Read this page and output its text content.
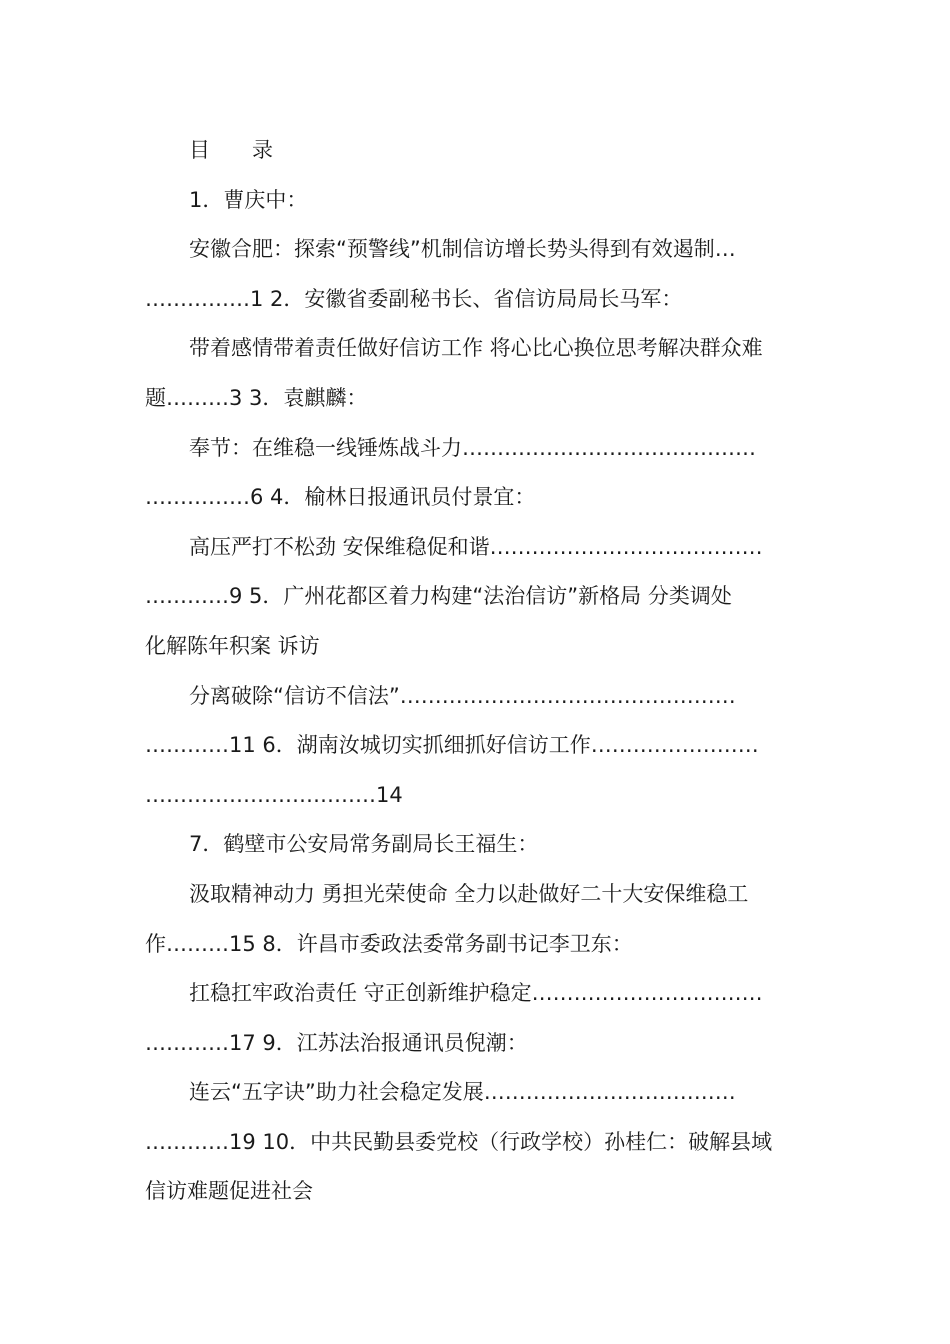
目 录
1．曹庆中：
安徽合肥：探索“预警线”机制信访增长势头得到有效遏制…
……………1 2．安徽省委副秘书长、省信访局局长马军：
带着感情带着责任做好信访工作 将心比心换位思考解决群众难
题………3 3．袁麒麟：
奉节：在维稳一线锤炼战斗力……………………………………
……………6 4．榆林日报通讯员付景宜：
高压严打不松劲 安保维稳促和谐…………………………………
…………9 5．广州花都区着力构建“法治信访”新格局 分类调处
化解陈年积案 诉访
分离破除“信访不信法”…………………………………………
…………11 6．湖南汝城切实抓细抓好信访工作……………………
……………………………14
7．鹤壁市公安局常务副局长王福生：
汲取精神动力 勇担光荣使命 全力以赴做好二十大安保维稳工
作………15 8．许昌市委政法委常务副书记李卫东：
扛稳扛牢政治责任 守正创新维护稳定……………………………
…………17 9．江苏法治报通讯员倪潮：
连云“五字诀”助力社会稳定发展………………………………
…………19 10．中共民勤县委党校（行政学校）孙桂仁：破解县域
信访难题促进社会
